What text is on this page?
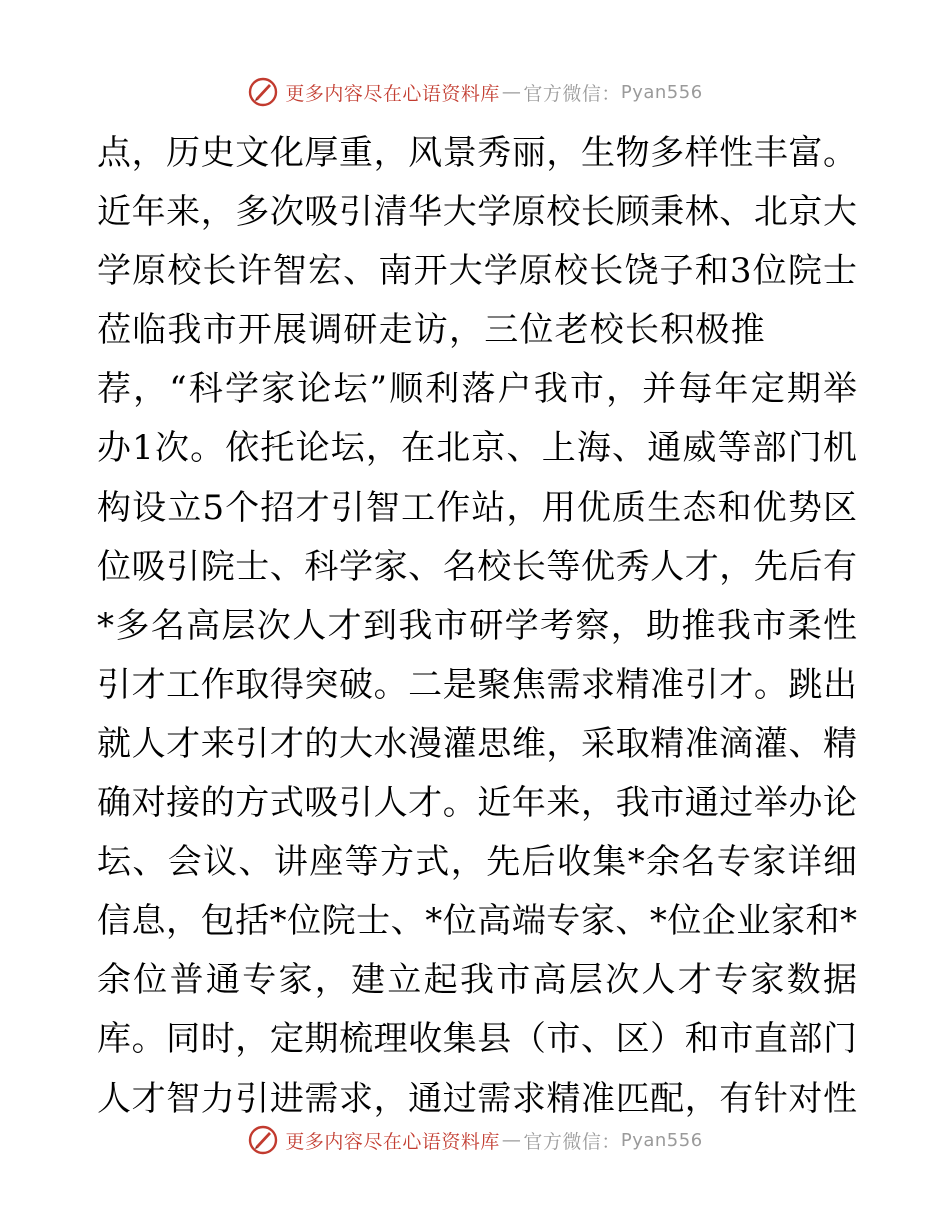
更多内容尽在心语资料库 — 官方微信： Pyan556
点，历史文化厚重，风景秀丽，生物多样性丰富。
近年来，多次吸引清华大学原校长顾秉林、北京大
学原校长许智宏、南开大学原校长饶子和3位院士
莅临我市开展调研走访，三位老校长积极推
荐，“科学家论坛”顺利落户我市，并每年定期举
办1次。依托论坛，在北京、上海、通威等部门机
构设立5个招才引智工作站，用优质生态和优势区
位吸引院士、科学家、名校长等优秀人才，先后有
*多名高层次人才到我市研学考察，助推我市柔性
引才工作取得突破。二是聚焦需求精准引才。跳出
就人才来引才的大水漫灌思维，采取精准滴灌、精
确对接的方式吸引人才。近年来，我市通过举办论
坛、会议、讲座等方式，先后收集*余名专家详细
信息，包括*位院士、*位高端专家、*位企业家和*
余位普通专家，建立起我市高层次人才专家数据
库。同时，定期梳理收集县（市、区）和市直部门
人才智力引进需求，通过需求精准匹配，有针对性
更多内容尽在心语资料库 — 官方微信： Pyan556
